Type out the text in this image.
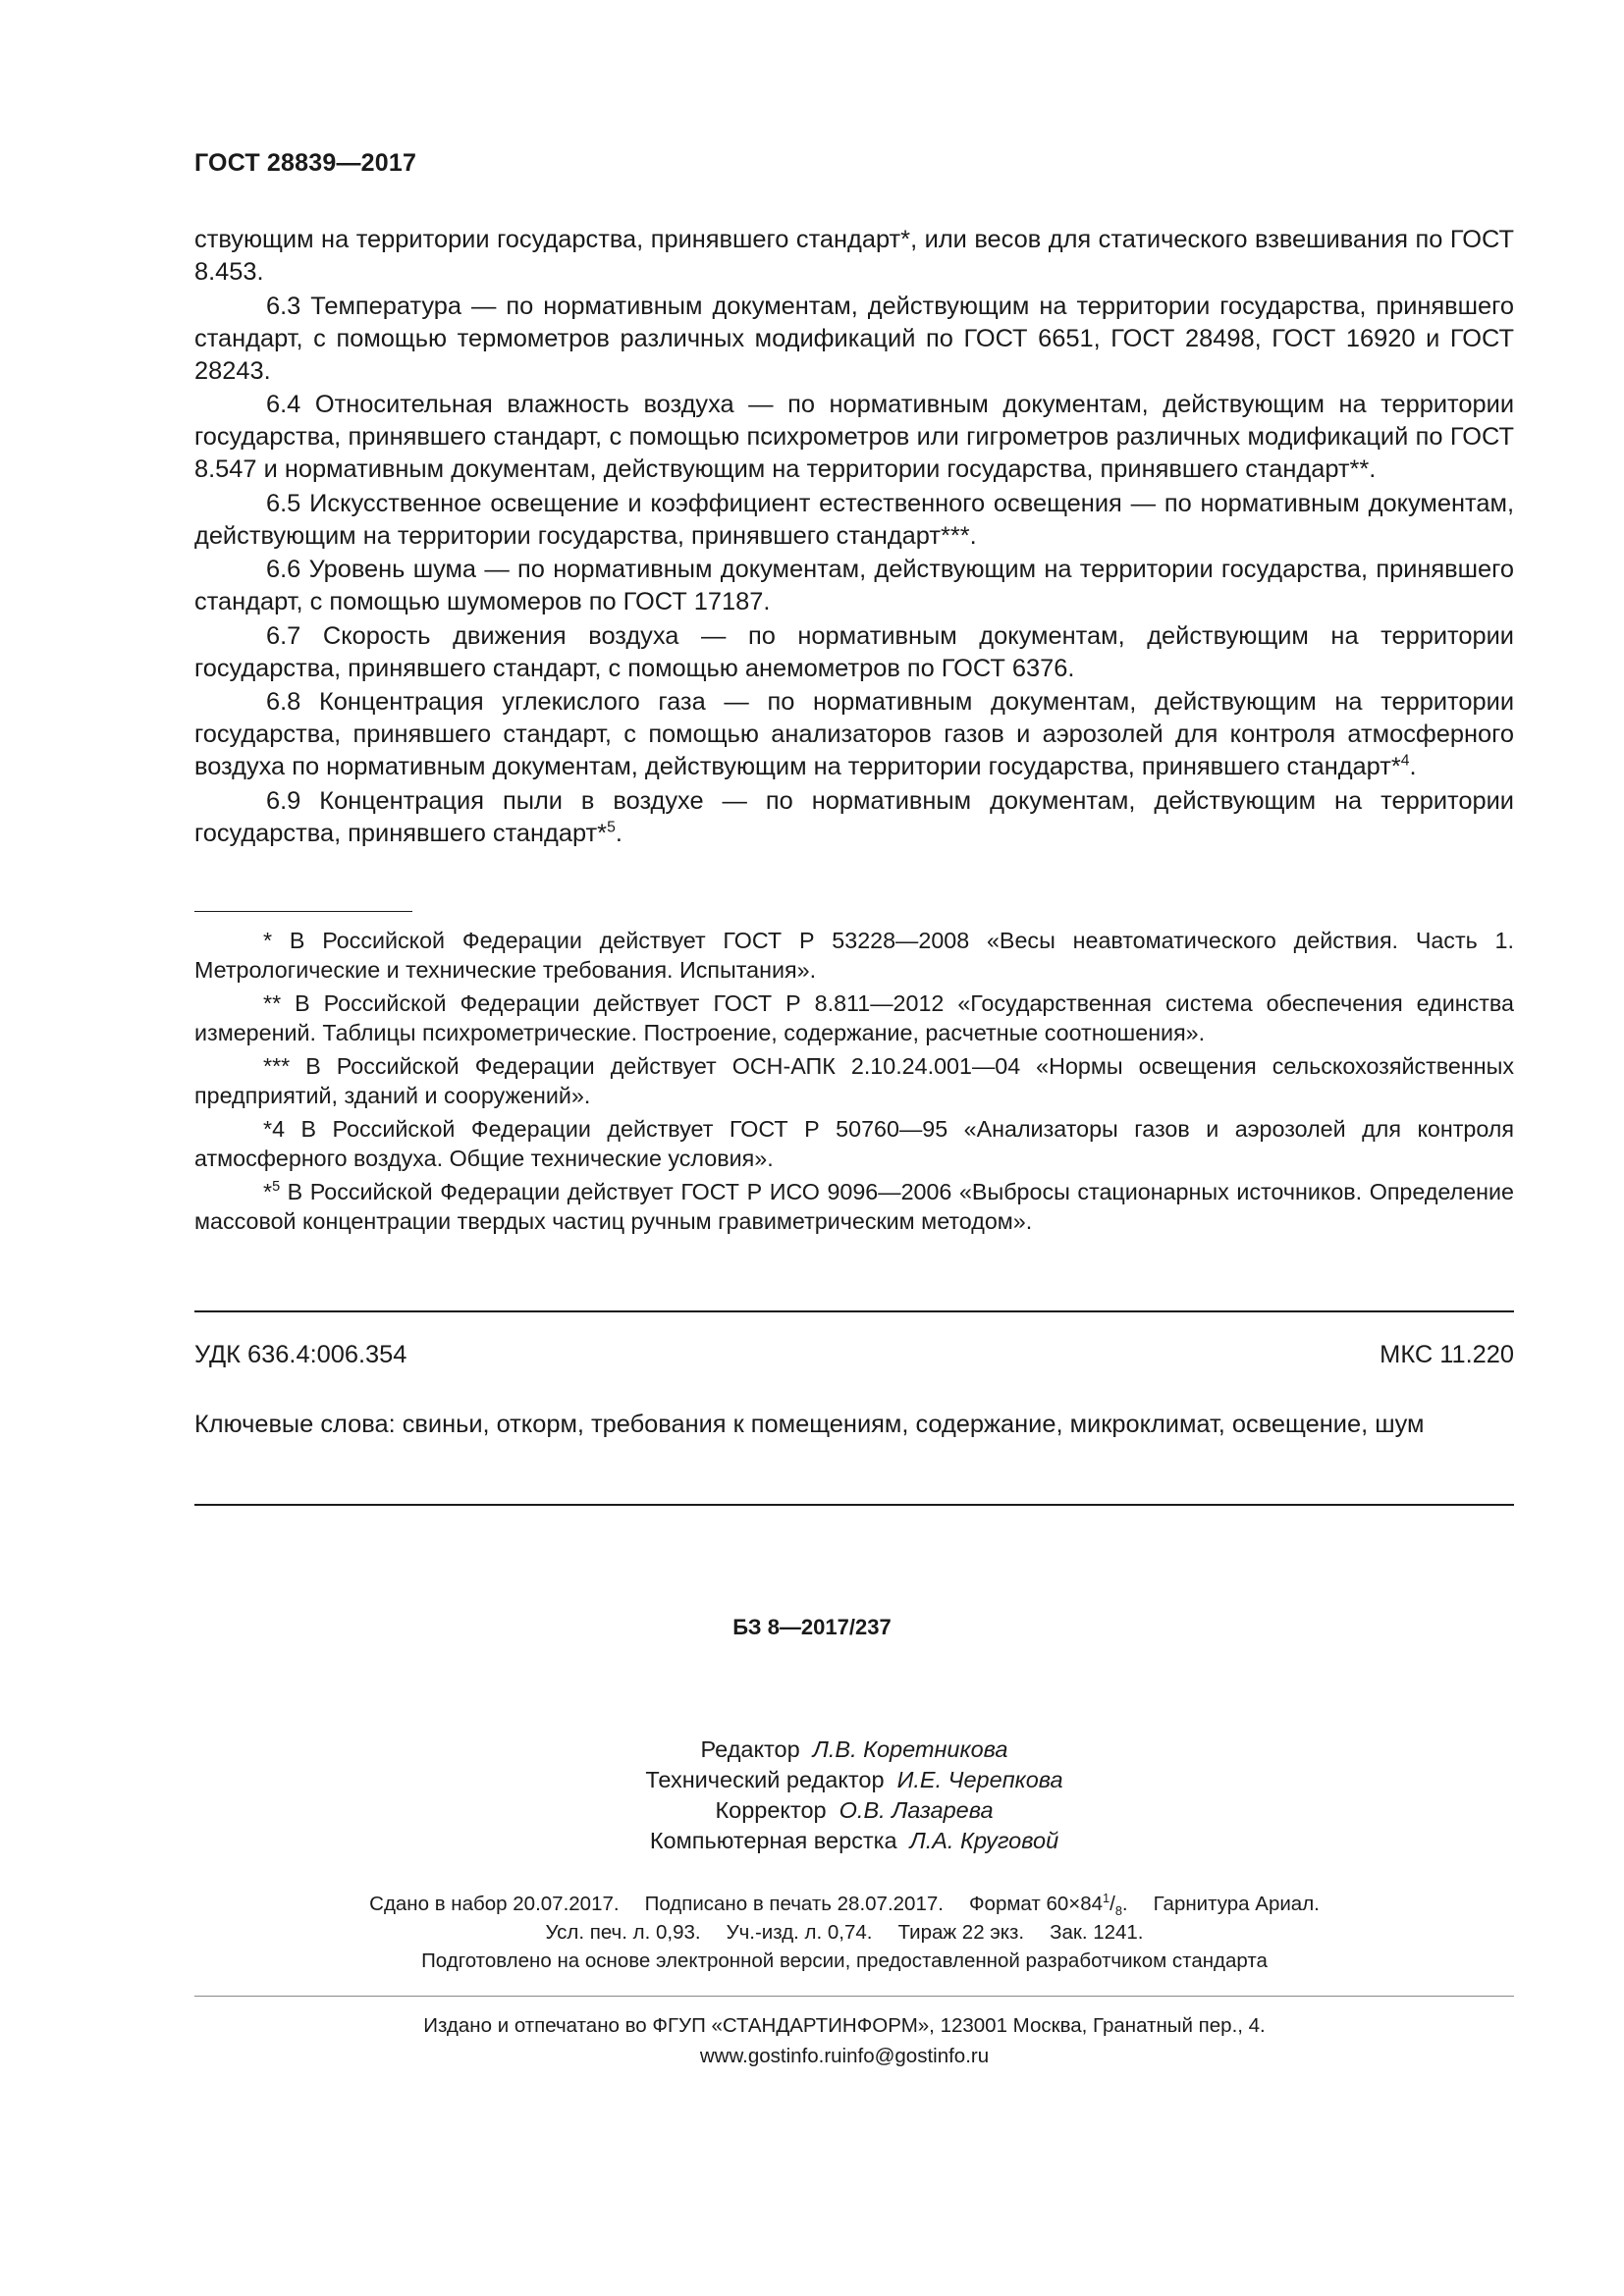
ГОСТ 28839—2017

ствующим на территории государства, принявшего стандарт*, или весов для статического взвешивания по ГОСТ 8.453.

6.3 Температура — по нормативным документам, действующим на территории государства, принявшего стандарт, с помощью термометров различных модификаций по ГОСТ 6651, ГОСТ 28498, ГОСТ 16920 и ГОСТ 28243.

6.4 Относительная влажность воздуха — по нормативным документам, действующим на территории государства, принявшего стандарт, с помощью психрометров или гигрометров различных модификаций по ГОСТ 8.547 и нормативным документам, действующим на территории государства, принявшего стандарт**.

6.5 Искусственное освещение и коэффициент естественного освещения — по нормативным документам, действующим на территории государства, принявшего стандарт***.

6.6 Уровень шума — по нормативным документам, действующим на территории государства, принявшего стандарт, с помощью шумомеров по ГОСТ 17187.

6.7 Скорость движения воздуха — по нормативным документам, действующим на территории государства, принявшего стандарт, с помощью анемометров по ГОСТ 6376.

6.8 Концентрация углекислого газа — по нормативным документам, действующим на территории государства, принявшего стандарт, с помощью анализаторов газов и аэрозолей для контроля атмосферного воздуха по нормативным документам, действующим на территории государства, принявшего стандарт*$^4$.

6.9 Концентрация пыли в воздухе — по нормативным документам, действующим на территории государства, принявшего стандарт*$^5$.

* В Российской Федерации действует ГОСТ Р 53228—2008 «Весы неавтоматического действия. Часть 1. Метрологические и технические требования. Испытания».

** В Российской Федерации действует ГОСТ Р 8.811—2012 «Государственная система обеспечения единства измерений. Таблицы психрометрические. Построение, содержание, расчетные соотношения».

*** В Российской Федерации действует ОСН-АПК 2.10.24.001—04 «Нормы освещения сельскохозяйственных предприятий, зданий и сооружений».

*4 В Российской Федерации действует ГОСТ Р 50760—95 «Анализаторы газов и аэрозолей для контроля атмосферного воздуха. Общие технические условия».

*$^5$ В Российской Федерации действует ГОСТ Р ИСО 9096—2006 «Выбросы стационарных источников. Определение массовой концентрации твердых частиц ручным гравиметрическим методом».

УДК 636.4:006.354	МКС 11.220
Ключевые слова: свиньи, откорм, требования к помещениям, содержание, микроклимат, освещение, шум
БЗ 8—2017/237
Редактор Л.В. Коретникова
Технический редактор И.Е. Черепкова
Корректор О.В. Лазарева
Компьютерная верстка Л.А. Круговой
Сдано в набор 20.07.2017. Подписано в печать 28.07.2017. Формат $60\times 84^1/_8$. Гарнитура Ариал.
Усл. печ. л. 0,93. Уч.-изд. л. 0,74. Тираж 22 экз. Зак. 1241.
Подготовлено на основе электронной версии, предоставленной разработчиком стандарта
Издано и отпечатано во ФГУП «СТАНДАРТИНФОРМ», 123001 Москва, Гранатный пер., 4.
www.gostinfo.ruinfo@gostinfo.ru
